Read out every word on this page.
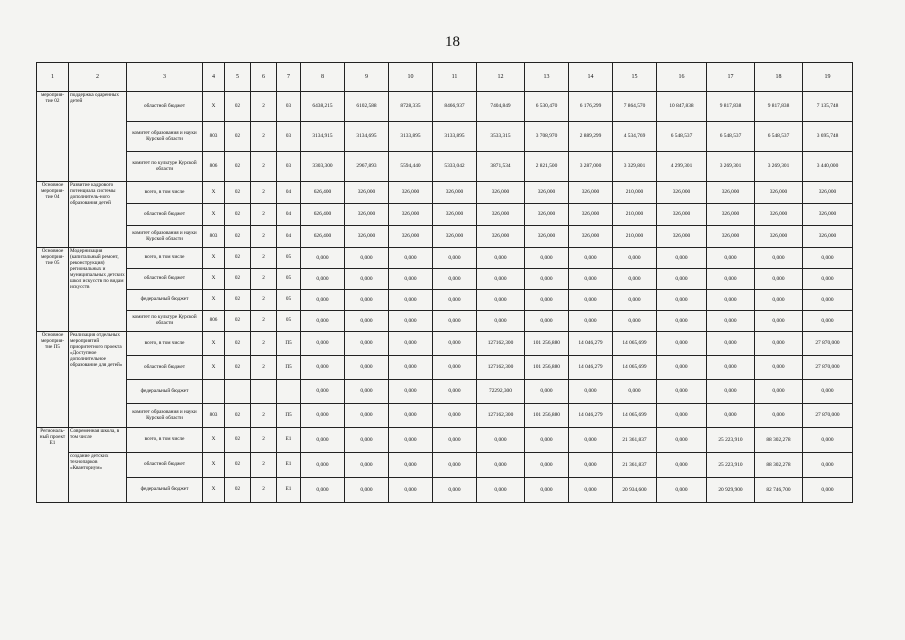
18
1	2	3	4	5	6	7	8	9	10	11	12	13	14	15	16	17	18	19
мероприя-тие 02	поддержка одаренных детей	областной бюджет	Х	02	2	03	6438,215	6102,588	8728,335	8466,937	7404,849	6 530,470	6 176,299	7 864,570	10 847,838	9 817,838	9 817,838	7 135,748
		комитет образования и науки Курской области	803	02	2	03	3134,915	3134,695	3133,895	3133,895	3533,315	3 708,970	2 889,299	4 534,769	6 548,537	6 548,537	6 548,537	3 695,748
		комитет по культуре Курской области	806	02	2	03	3303,300	2967,893	5594,440	5333,042	3871,534	2 821,500	3 287,000	3 329,801	4 299,301	3 269,301	3 269,301	3 440,000
Основное мероприя-тие 04	Развитие кадрового потенциала системы дополнитель-ного образования детей	всего, в том числе	Х	02	2	04	626,400	326,000	326,000	326,000	326,000	326,000	326,000	210,000	326,000	326,000	326,000	326,000
		областной бюджет	Х	02	2	04	626,400	326,000	326,000	326,000	326,000	326,000	326,000	210,000	326,000	326,000	326,000	326,000
		комитет образования и науки Курской области	803	02	2	04	626,400	326,000	326,000	326,000	326,000	326,000	326,000	210,000	326,000	326,000	326,000	326,000
Основное мероприя-тие 05	Модернизация (капитальный ремонт, реконструкция) региональных и муниципальных детских школ искусств по видам искусств	всего, в том числе	Х	02	2	05	0,000	0,000	0,000	0,000	0,000	0,000	0,000	0,000	0,000	0,000	0,000	0,000
		областной бюджет	Х	02	2	05	0,000	0,000	0,000	0,000	0,000	0,000	0,000	0,000	0,000	0,000	0,000	0,000
		федеральный бюджет	Х	02	2	05	0,000	0,000	0,000	0,000	0,000	0,000	0,000	0,000	0,000	0,000	0,000	0,000
		комитет по культуре Курской области	806	02	2	05	0,000	0,000	0,000	0,000	0,000	0,000	0,000	0,000	0,000	0,000	0,000	0,000
Основное мероприя-тие П5	Реализация отдельных мероприятий приоритетного проекта «Доступное дополнительное образование для детей»	всего, в том числе	Х	02	2	П5	0,000	0,000	0,000	0,000	127162,300	101 256,880	14 046,279	14 065,699	0,000	0,000	0,000	27 870,000
		областной бюджет	Х	02	2	П5	0,000	0,000	0,000	0,000	127162,300	101 256,880	14 046,279	14 065,699	0,000	0,000	0,000	27 870,000
		федеральный бюджет					0,000	0,000	0,000	0,000	72292,300	0,000	0,000	0,000	0,000	0,000	0,000	0,000
		комитет образования и науки Курской области	803	02	2	П5	0,000	0,000	0,000	0,000	127162,300	101 256,880	14 046,279	14 065,699	0,000	0,000	0,000	27 870,000
Региональ-ный проект Е1	Современная школа, в том числе	всего, в том числе	Х	02	2	Е1	0,000	0,000	0,000	0,000	0,000	0,000	0,000	21 361,837	0,000	25 223,910	88 302,278	0,000
	создание детских технопарков «Кванториум»	областной бюджет	Х	02	2	Е1	0,000	0,000	0,000	0,000	0,000	0,000	0,000	21 361,837	0,000	25 223,910	88 302,278	0,000
		федеральный бюджет	Х	02	2	Е1	0,000	0,000	0,000	0,000	0,000	0,000	0,000	20 934,600	0,000	20 929,900	82 746,700	0,000
